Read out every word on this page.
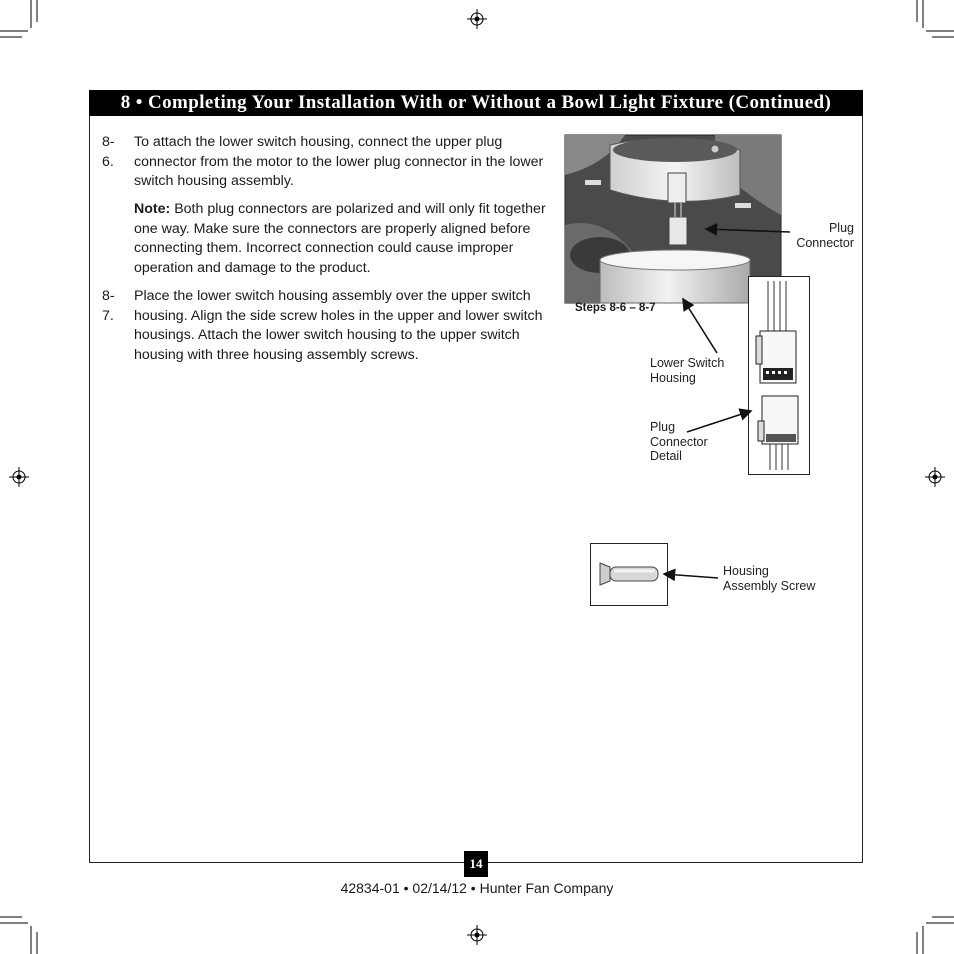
8 • Completing Your Installation With or Without a Bowl Light Fixture (Continued)
8-6.
To attach the lower switch housing, connect the upper plug connector from the motor to the lower plug connector in the lower switch housing assembly.
Note: Both plug connectors are polarized and will only fit together one way. Make sure the connectors are properly aligned before connecting them. Incorrect connection could cause improper operation and damage to the product.
8-7.
Place the lower switch housing assembly over the upper switch housing. Align the side screw holes in the upper and lower switch housings. Attach the lower switch housing to the upper switch housing with three housing assembly screws.
Steps 8-6 – 8-7
Plug
Connector
Lower Switch
Housing
Plug
Connector
Detail
Housing
Assembly Screw
14
42834-01 • 02/14/12 • Hunter Fan Company
